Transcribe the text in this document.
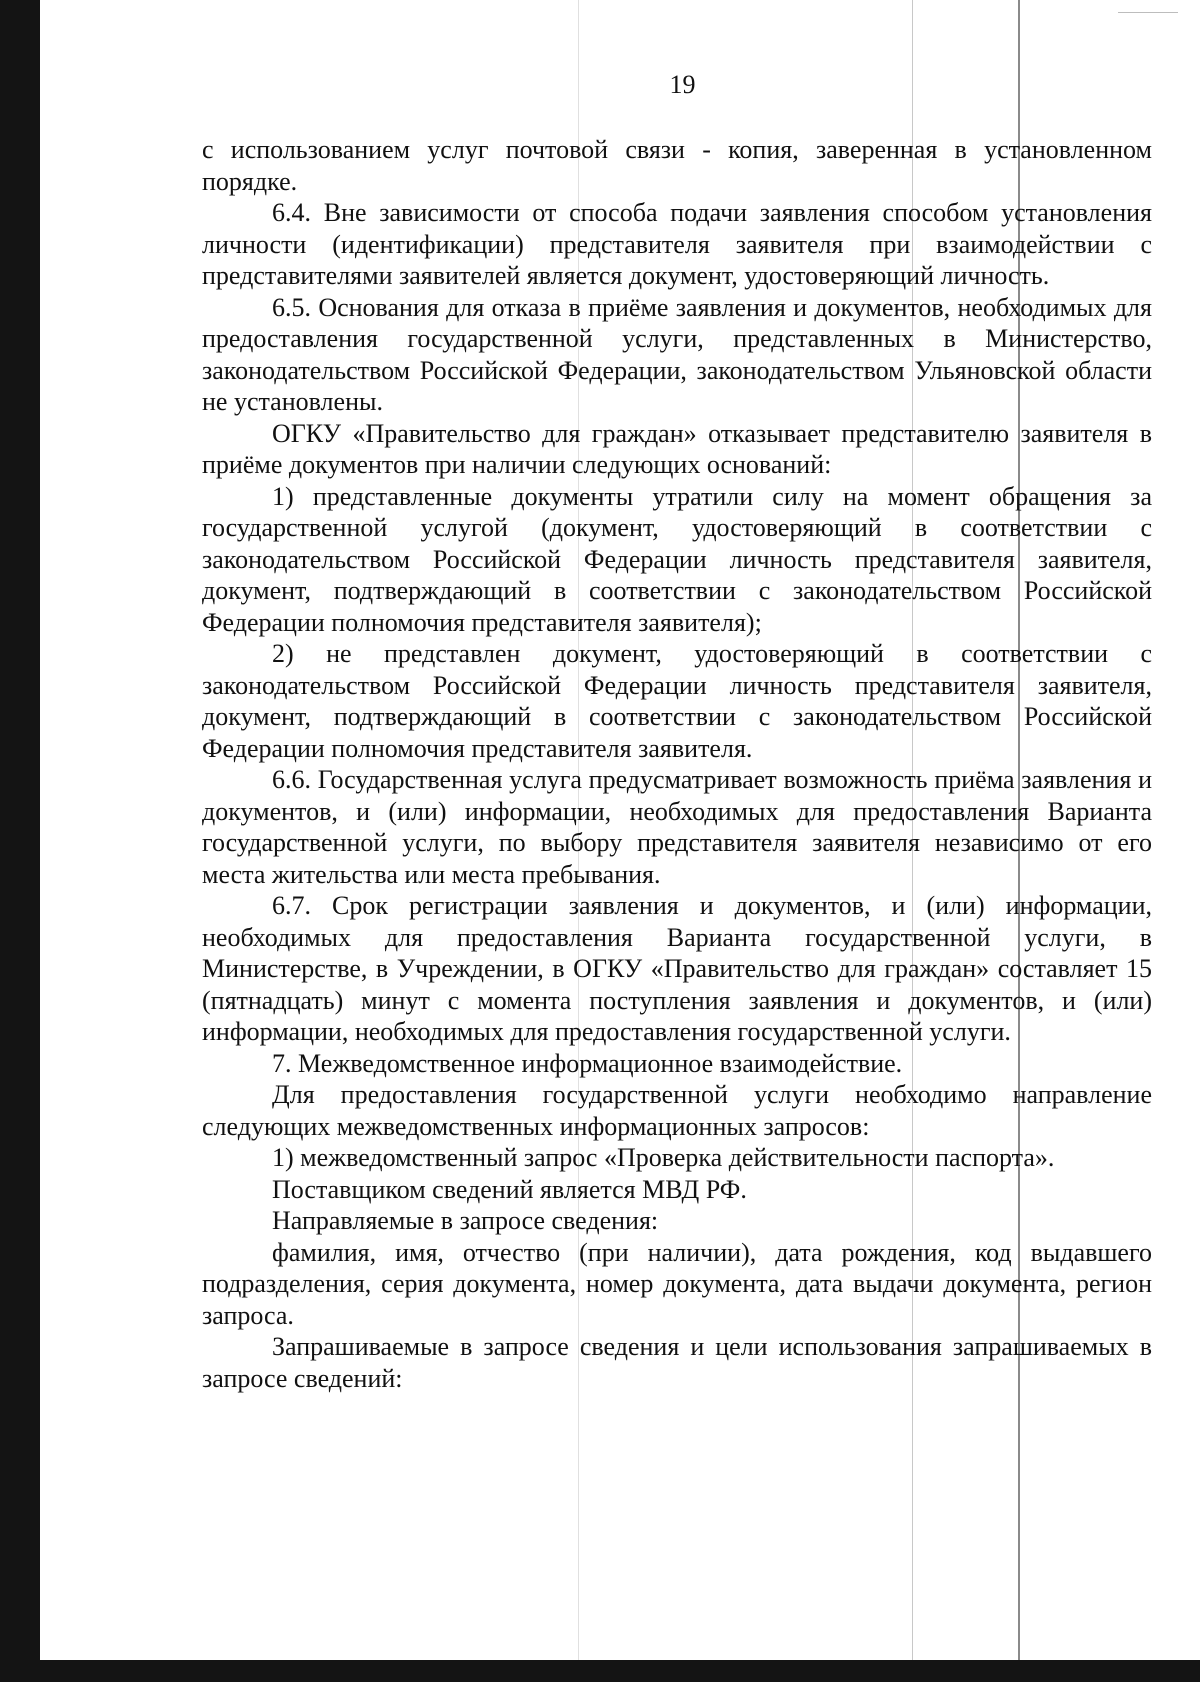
19

с использованием услуг почтовой связи - копия, заверенная в установленном порядке.

6.4. Вне зависимости от способа подачи заявления способом установления личности (идентификации) представителя заявителя при взаимодействии с представителями заявителей является документ, удостоверяющий личность.

6.5. Основания для отказа в приёме заявления и документов, необходимых для предоставления государственной услуги, представленных в Министерство, законодательством Российской Федерации, законодательством Ульяновской области не установлены.

ОГКУ «Правительство для граждан» отказывает представителю заявителя в приёме документов при наличии следующих оснований:

1) представленные документы утратили силу на момент обращения за государственной услугой (документ, удостоверяющий в соответствии с законодательством Российской Федерации личность представителя заявителя, документ, подтверждающий в соответствии с законодательством Российской Федерации полномочия представителя заявителя);

2) не представлен документ, удостоверяющий в соответствии с законодательством Российской Федерации личность представителя заявителя, документ, подтверждающий в соответствии с законодательством Российской Федерации полномочия представителя заявителя.

6.6. Государственная услуга предусматривает возможность приёма заявления и документов, и (или) информации, необходимых для предоставления Варианта государственной услуги, по выбору представителя заявителя независимо от его места жительства или места пребывания.

6.7. Срок регистрации заявления и документов, и (или) информации, необходимых для предоставления Варианта государственной услуги, в Министерстве, в Учреждении, в ОГКУ «Правительство для граждан» составляет 15 (пятнадцать) минут с момента поступления заявления и документов, и (или) информации, необходимых для предоставления государственной услуги.

7. Межведомственное информационное взаимодействие.

Для предоставления государственной услуги необходимо направление следующих межведомственных информационных запросов:

1) межведомственный запрос «Проверка действительности паспорта».

Поставщиком сведений является МВД РФ.

Направляемые в запросе сведения:

фамилия, имя, отчество (при наличии), дата рождения, код выдавшего подразделения, серия документа, номер документа, дата выдачи документа, регион запроса.

Запрашиваемые в запросе сведения и цели использования запрашиваемых в запросе сведений:
